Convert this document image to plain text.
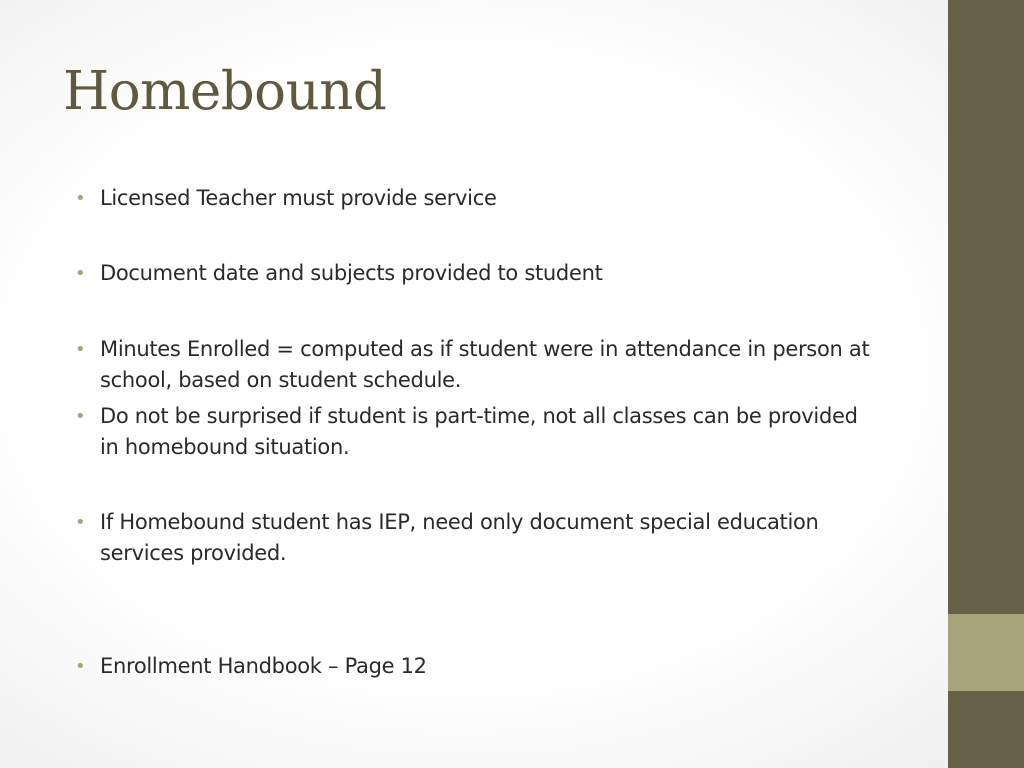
Homebound
• Licensed Teacher must provide service
• Document date and subjects provided to student
• Minutes Enrolled = computed as if student were in attendance in person at school, based on student schedule.
• Do not be surprised if student is part-time, not all classes can be provided in homebound situation.
• If Homebound student has IEP, need only document special education services provided.
• Enrollment Handbook – Page 12
